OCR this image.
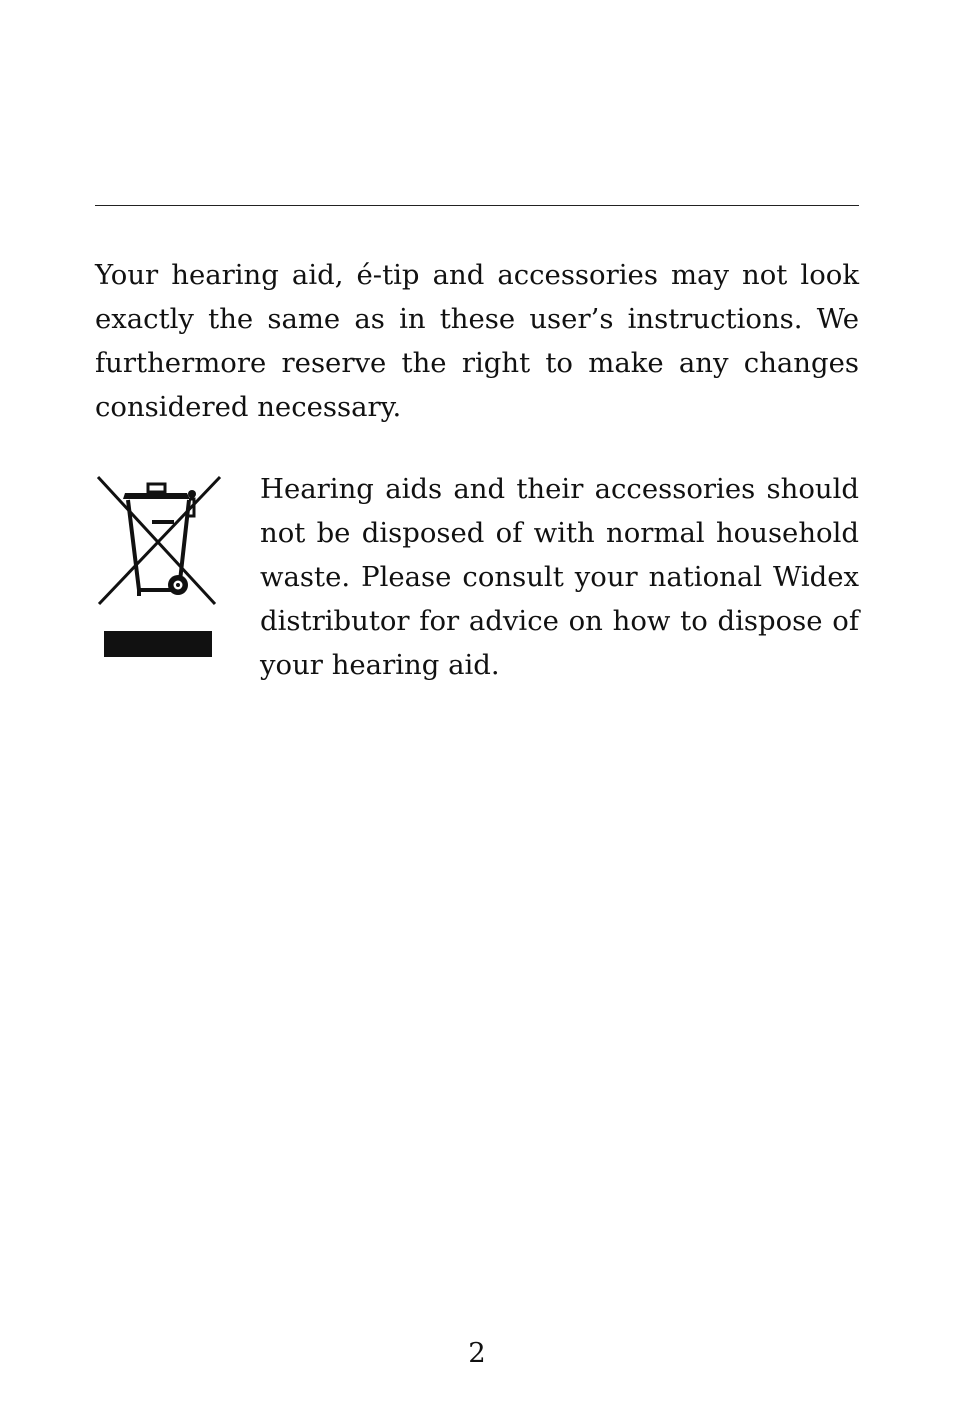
Your hearing aid, é-tip and accessories may not look exactly the same as in these user’s instructions. We furthermore reserve the right to make any changes considered necessary.

Hearing aids and their accessories should not be disposed of with normal household waste. Please consult your national Widex distributor for advice on how to dispose of your hearing aid.

2
